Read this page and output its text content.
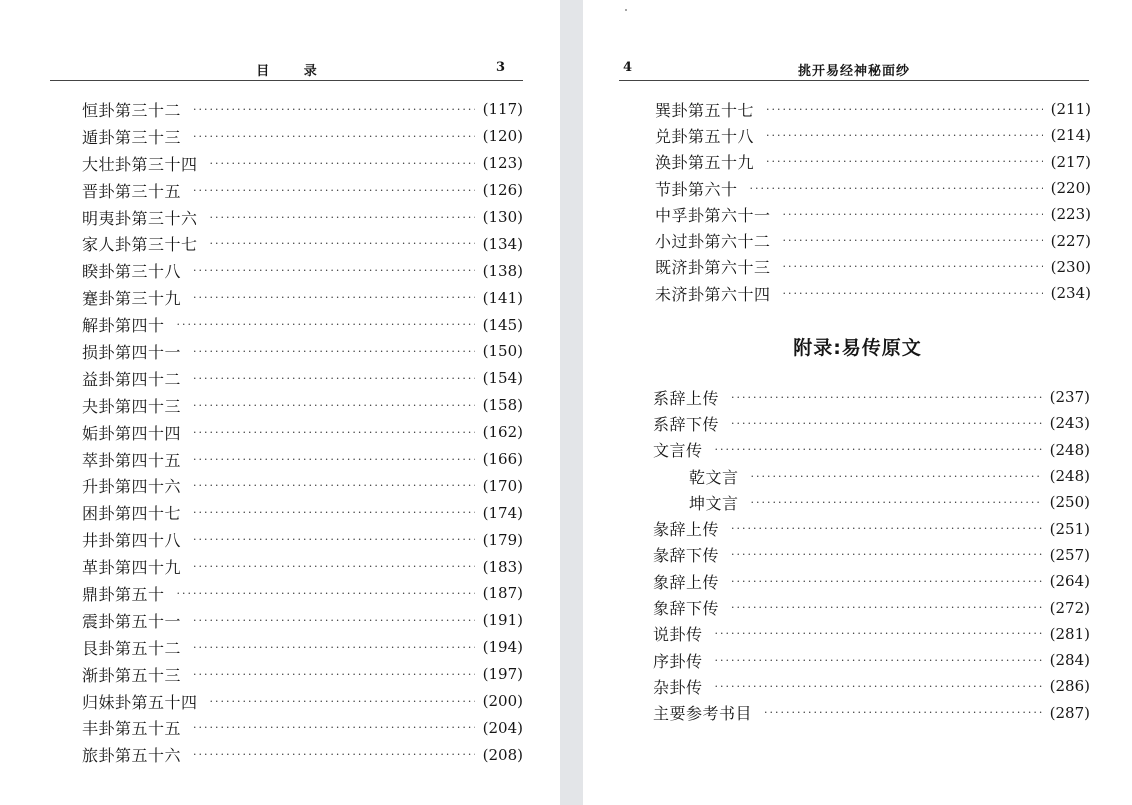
目 录	3	4	挑开易经神秘面纱
恒卦第三十二 ·····	(117)
遁卦第三十三 ·····	(120)
大壮卦第三十四 ·····	(123)
晋卦第三十五 ·····	(126)
明夷卦第三十六 ·····	(130)
家人卦第三十七 ·····	(134)
睽卦第三十八 ·····	(138)
蹇卦第三十九 ·····	(141)
解卦第四十 ·····	(145)
损卦第四十一 ·····	(150)
益卦第四十二 ·····	(154)
夬卦第四十三 ·····	(158)
姤卦第四十四 ·····	(162)
萃卦第四十五 ·····	(166)
升卦第四十六 ·····	(170)
困卦第四十七 ·····	(174)
井卦第四十八 ·····	(179)
革卦第四十九 ·····	(183)
鼎卦第五十 ·····	(187)
震卦第五十一 ·····	(191)
艮卦第五十二 ·····	(194)
渐卦第五十三 ·····	(197)
归妹卦第五十四 ·····	(200)
丰卦第五十五 ·····	(204)
旅卦第五十六 ·····	(208)
巽卦第五十七 ·····	(211)
兑卦第五十八 ·····	(214)
涣卦第五十九 ·····	(217)
节卦第六十 ·····	(220)
中孚卦第六十一 ·····	(223)
小过卦第六十二 ·····	(227)
既济卦第六十三 ·····	(230)
未济卦第六十四 ·····	(234)
附录:易传原文
系辞上传 ·····	(237)
系辞下传 ·····	(243)
文言传 ·····	(248)
乾文言 ·····	(248)
坤文言 ·····	(250)
彖辞上传 ·····	(251)
彖辞下传 ·····	(257)
象辞上传 ·····	(264)
象辞下传 ·····	(272)
说卦传 ·····	(281)
序卦传 ·····	(284)
杂卦传 ·····	(286)
主要参考书目 ·····	(287)
